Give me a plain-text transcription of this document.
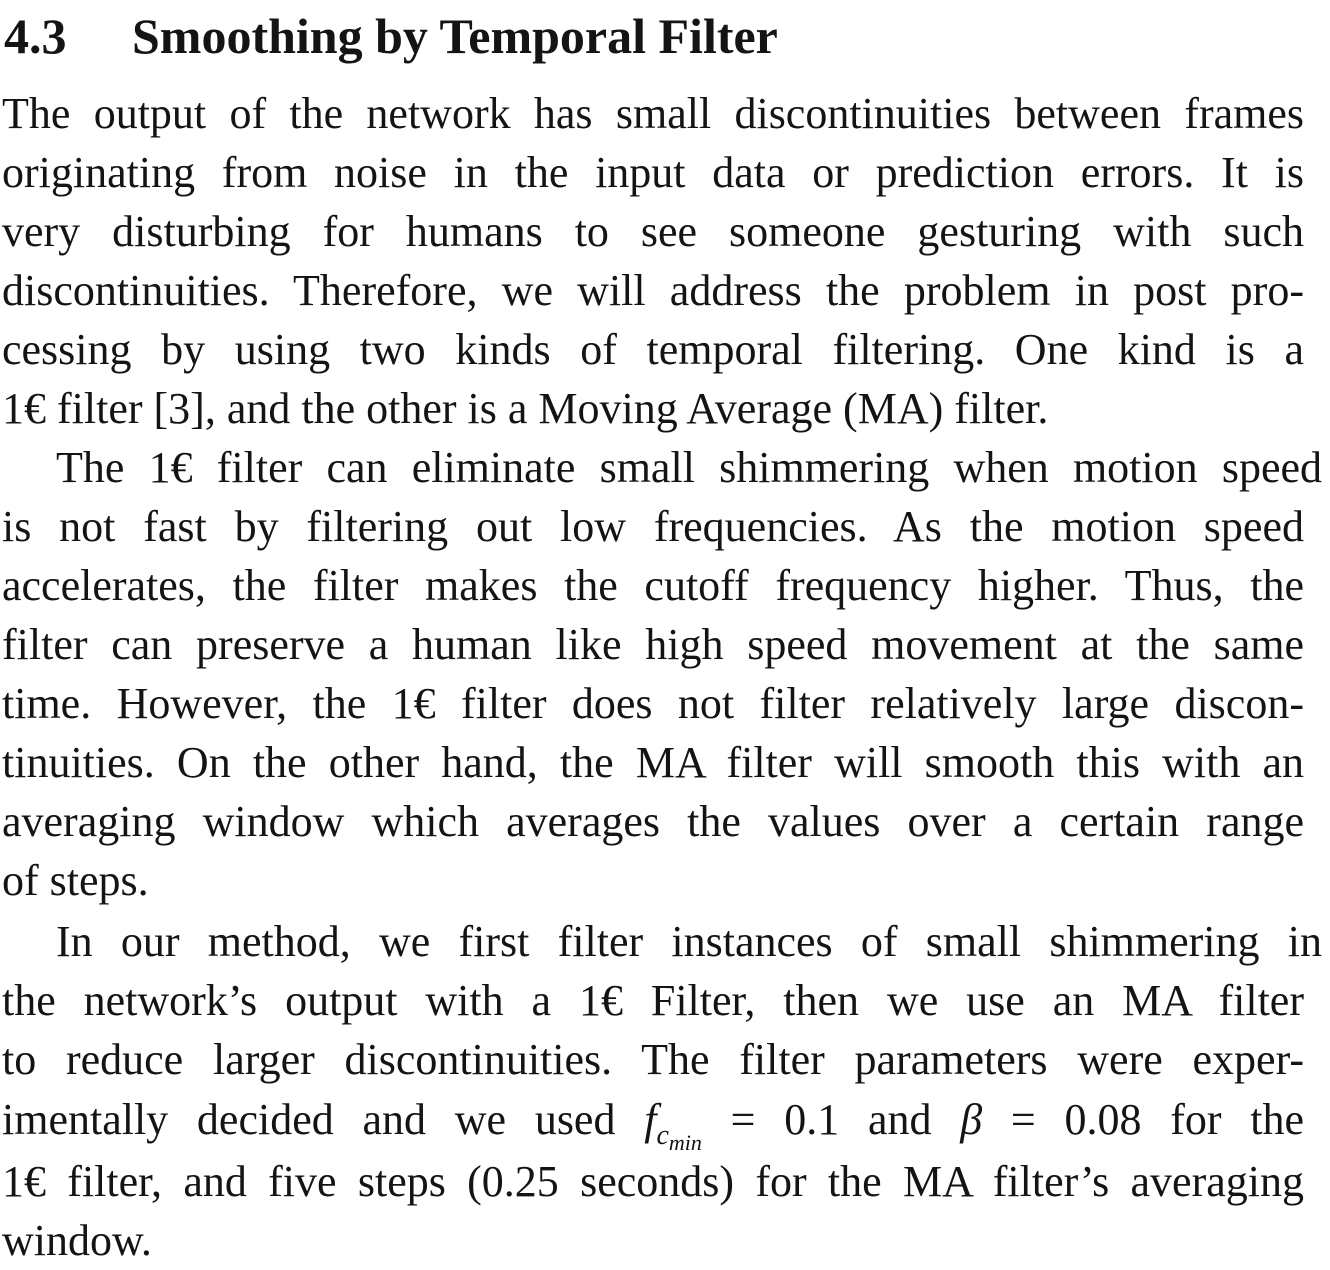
4.3 Smoothing by Temporal Filter
The output of the network has small discontinuities between frames
originating from noise in the input data or prediction errors. It is
very disturbing for humans to see someone gesturing with such
discontinuities. Therefore, we will address the problem in post pro-
cessing by using two kinds of temporal filtering. One kind is a
1€ filter [3], and the other is a Moving Average (MA) filter.
The 1€ filter can eliminate small shimmering when motion speed
is not fast by filtering out low frequencies. As the motion speed
accelerates, the filter makes the cutoff frequency higher. Thus, the
filter can preserve a human like high speed movement at the same
time. However, the 1€ filter does not filter relatively large discon-
tinuities. On the other hand, the MA filter will smooth this with an
averaging window which averages the values over a certain range
of steps.
In our method, we first filter instances of small shimmering in
the network’s output with a 1€ Filter, then we use an MA filter
to reduce larger discontinuities. The filter parameters were exper-
imentally decided and we used $f_{c_{min}} = 0.1$ and β = 0.08 for the
1€ filter, and five steps (0.25 seconds) for the MA filter’s averaging
window.
